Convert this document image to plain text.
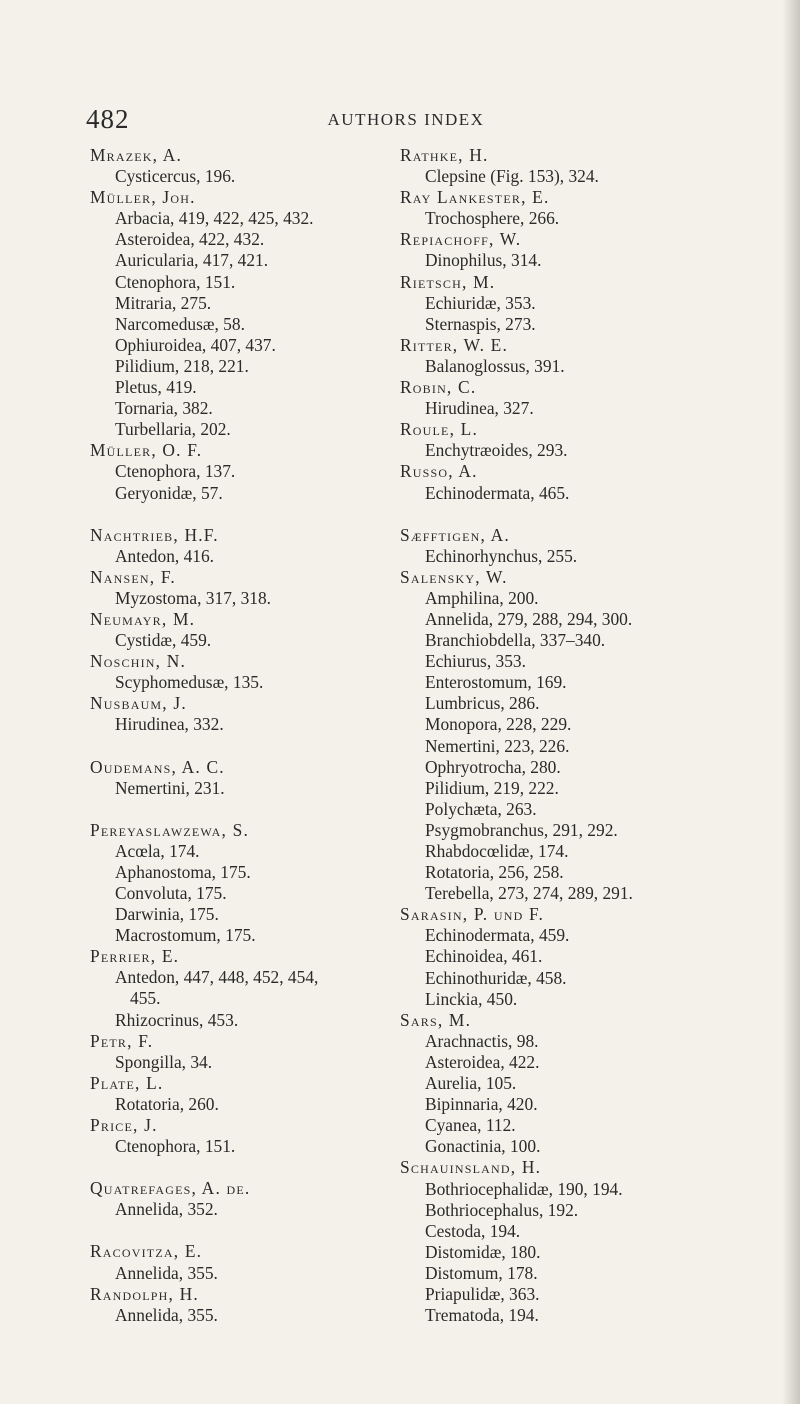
482	AUTHORS INDEX
Mrazek, A.
Cysticercus, 196.
Müller, Joh.
Arbacia, 419, 422, 425, 432.
Asteroidea, 422, 432.
Auricularia, 417, 421.
Ctenophora, 151.
Mitraria, 275.
Narcomedusæ, 58.
Ophiuroidea, 407, 437.
Pilidium, 218, 221.
Pletus, 419.
Tornaria, 382.
Turbellaria, 202.
Müller, O. F.
Ctenophora, 137.
Geryonidæ, 57.
Nachtrieb, H.F.
Antedon, 416.
Nansen, F.
Myzostoma, 317, 318.
Neumayr, M.
Cystidæ, 459.
Noschin, N.
Scyphomedusæ, 135.
Nusbaum, J.
Hirudinea, 332.
Oudemans, A. C.
Nemertini, 231.
Pereyaslawzewa, S.
Acœla, 174.
Aphanostoma, 175.
Convoluta, 175.
Darwinia, 175.
Macrostomum, 175.
Perrier, E.
Antedon, 447, 448, 452, 454,
455.
Rhizocrinus, 453.
Petr, F.
Spongilla, 34.
Plate, L.
Rotatoria, 260.
Price, J.
Ctenophora, 151.
Quatrefages, A. de.
Annelida, 352.
Racovitza, E.
Annelida, 355.
Randolph, H.
Annelida, 355.
Rathke, H.
Clepsine (Fig. 153), 324.
Ray Lankester, E.
Trochosphere, 266.
Repiachoff, W.
Dinophilus, 314.
Rietsch, M.
Echiuridæ, 353.
Sternaspis, 273.
Ritter, W. E.
Balanoglossus, 391.
Robin, C.
Hirudinea, 327.
Roule, L.
Enchytræoides, 293.
Russo, A.
Echinodermata, 465.
Sæfftigen, A.
Echinorhynchus, 255.
Salensky, W.
Amphilina, 200.
Annelida, 279, 288, 294, 300.
Branchiobdella, 337–340.
Echiurus, 353.
Enterostomum, 169.
Lumbricus, 286.
Monopora, 228, 229.
Nemertini, 223, 226.
Ophryotrocha, 280.
Pilidium, 219, 222.
Polychæta, 263.
Psygmobranchus, 291, 292.
Rhabdocœlidæ, 174.
Rotatoria, 256, 258.
Terebella, 273, 274, 289, 291.
Sarasin, P. und F.
Echinodermata, 459.
Echinoidea, 461.
Echinothuridæ, 458.
Linckia, 450.
Sars, M.
Arachnactis, 98.
Asteroidea, 422.
Aurelia, 105.
Bipinnaria, 420.
Cyanea, 112.
Gonactinia, 100.
Schauinsland, H.
Bothriocephalidæ, 190, 194.
Bothriocephalus, 192.
Cestoda, 194.
Distomidæ, 180.
Distomum, 178.
Priapulidæ, 363.
Trematoda, 194.
